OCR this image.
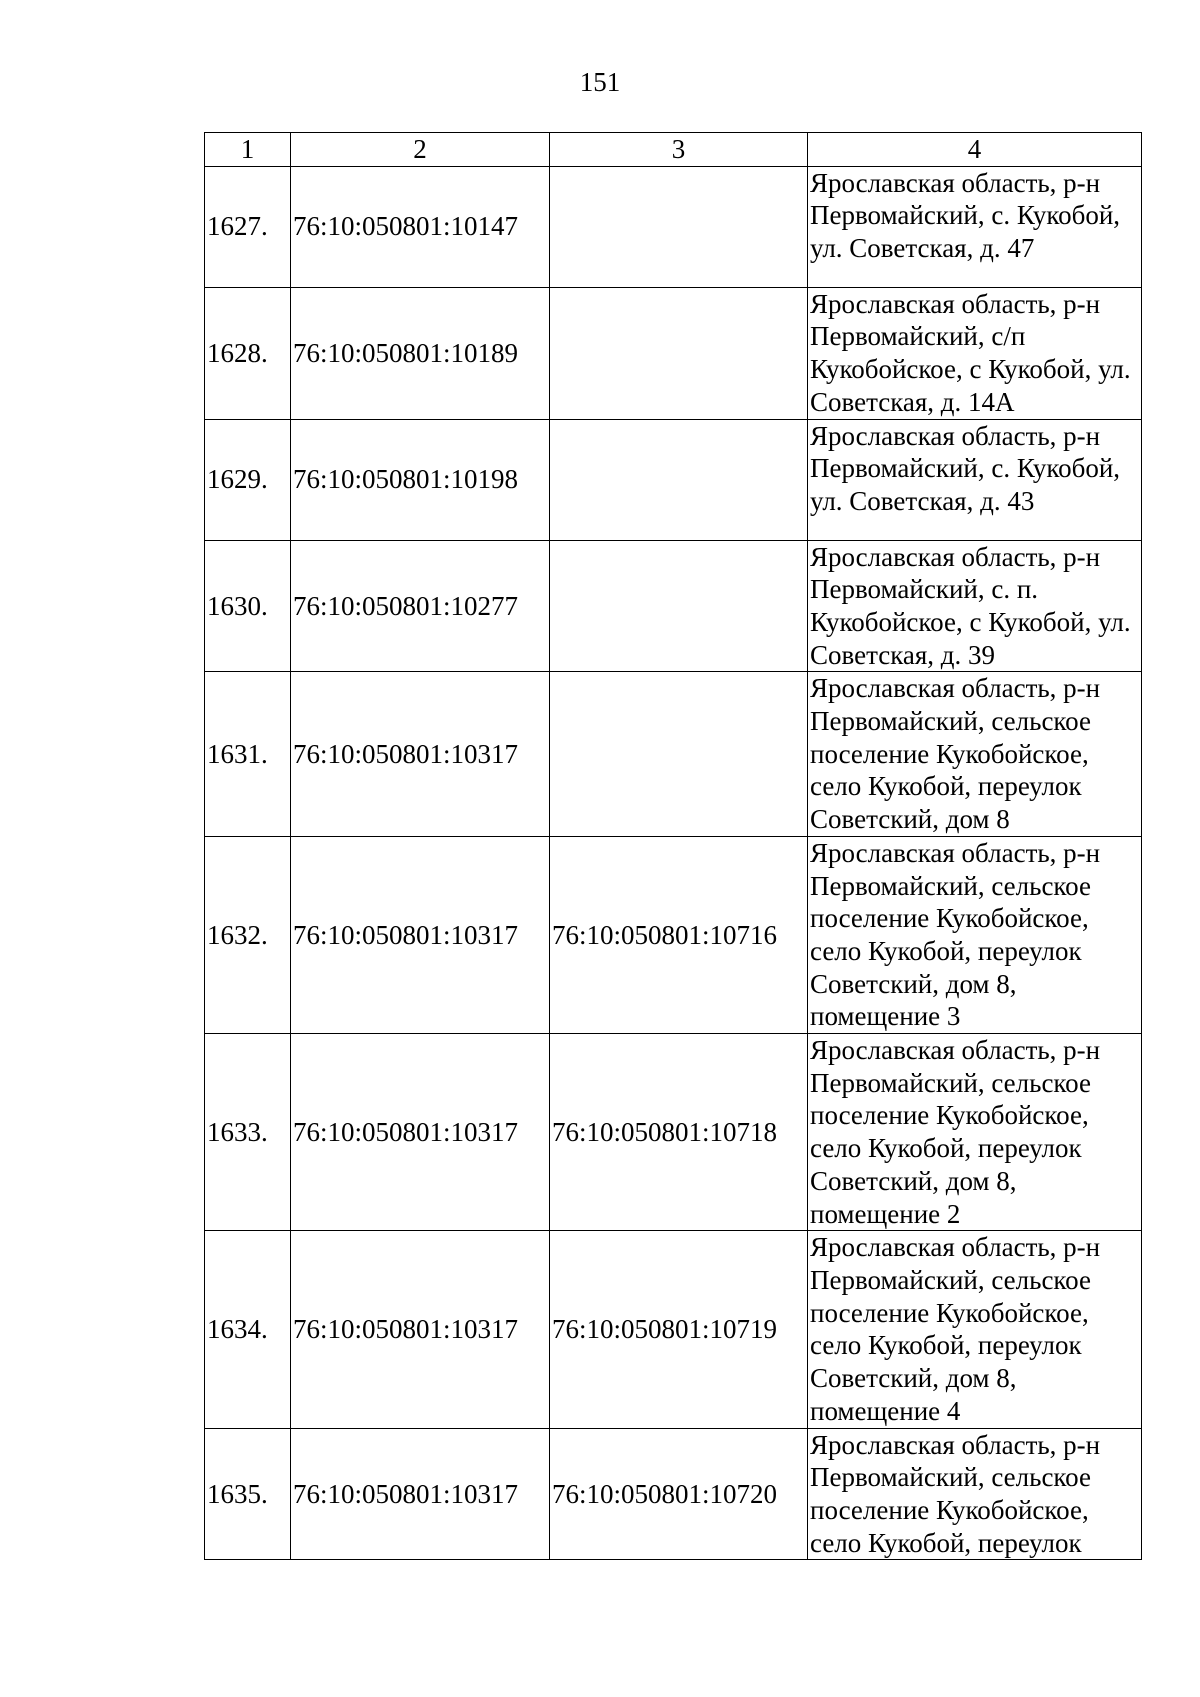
151
1	2	3	4
1627.	76:10:050801:10147		Ярославская область, р-н Первомайский, с. Кукобой, ул. Советская, д. 47
1628.	76:10:050801:10189		Ярославская область, р-н Первомайский, с/п Кукобойское, с Кукобой, ул. Советская, д. 14А
1629.	76:10:050801:10198		Ярославская область, р-н Первомайский, с. Кукобой, ул. Советская, д. 43
1630.	76:10:050801:10277		Ярославская область, р-н Первомайский, с. п. Кукобойское, с Кукобой, ул. Советская, д. 39
1631.	76:10:050801:10317		Ярославская область, р-н Первомайский, сельское поселение Кукобойское, село Кукобой, переулок Советский, дом 8
1632.	76:10:050801:10317	76:10:050801:10716	Ярославская область, р-н Первомайский, сельское поселение Кукобойское, село Кукобой, переулок Советский, дом 8, помещение 3
1633.	76:10:050801:10317	76:10:050801:10718	Ярославская область, р-н Первомайский, сельское поселение Кукобойское, село Кукобой, переулок Советский, дом 8, помещение 2
1634.	76:10:050801:10317	76:10:050801:10719	Ярославская область, р-н Первомайский, сельское поселение Кукобойское, село Кукобой, переулок Советский, дом 8, помещение 4
1635.	76:10:050801:10317	76:10:050801:10720	Ярославская область, р-н Первомайский, сельское поселение Кукобойское, село Кукобой, переулок
